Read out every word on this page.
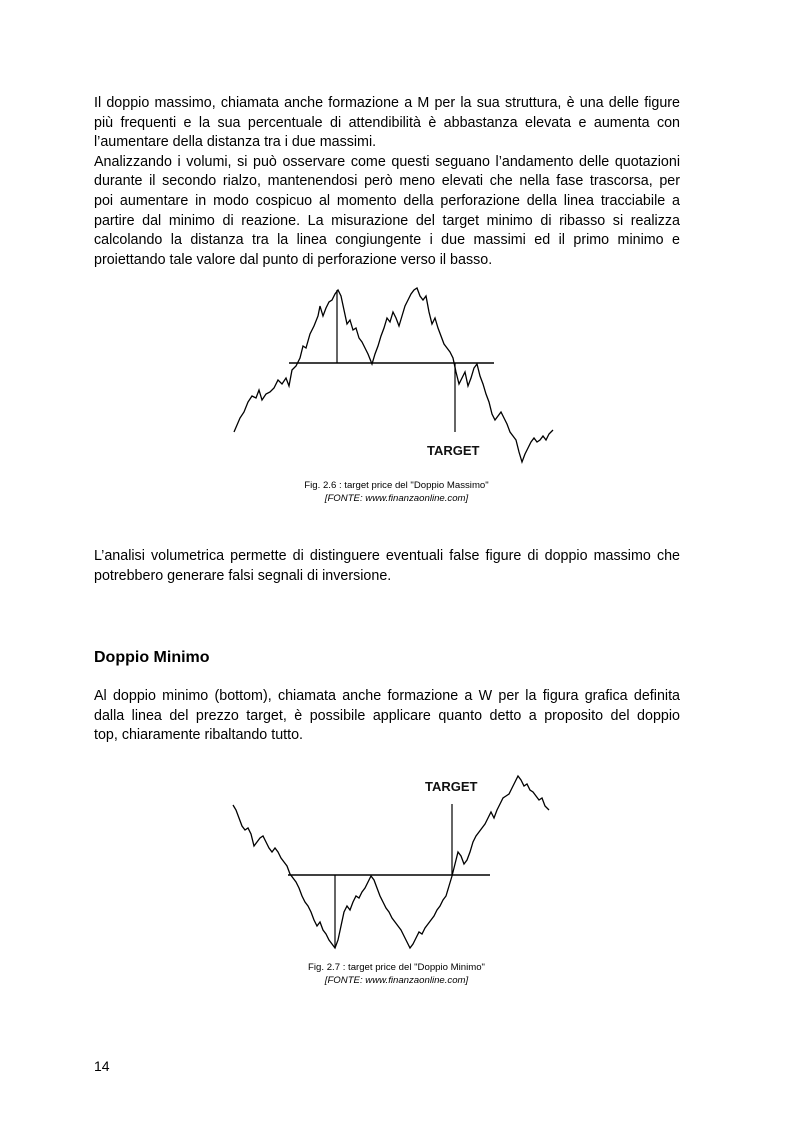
Il doppio massimo, chiamata anche formazione a M per la sua struttura, è una delle figure
più frequenti e la sua percentuale di attendibilità è abbastanza elevata e aumenta con
l’aumentare della distanza tra i due massimi.
Analizzando i volumi, si può osservare come questi seguano l’andamento delle quotazioni
durante il secondo rialzo, mantenendosi però meno elevati che nella fase trascorsa, per
poi aumentare in modo cospicuo al momento della perforazione della linea tracciabile a
partire dal minimo di reazione. La misurazione del target minimo di ribasso si realizza
calcolando la distanza tra la linea congiungente i due massimi ed il primo minimo e
proiettando tale valore dal punto di perforazione verso il basso.
TARGET

Fig. 2.6 : target price del "Doppio Massimo"
[FONTE: www.finanzaonline.com]

L’analisi volumetrica permette di distinguere eventuali false figure di doppio massimo che
potrebbero generare falsi segnali di inversione.
Doppio Minimo
Al doppio minimo (bottom), chiamata anche formazione a W per la figura grafica definita
dalla linea del prezzo target, è possibile applicare quanto detto a proposito del doppio
top, chiaramente ribaltando tutto.
TARGET

Fig. 2.7 : target price del "Doppio Minimo"
[FONTE: www.finanzaonline.com]

14
